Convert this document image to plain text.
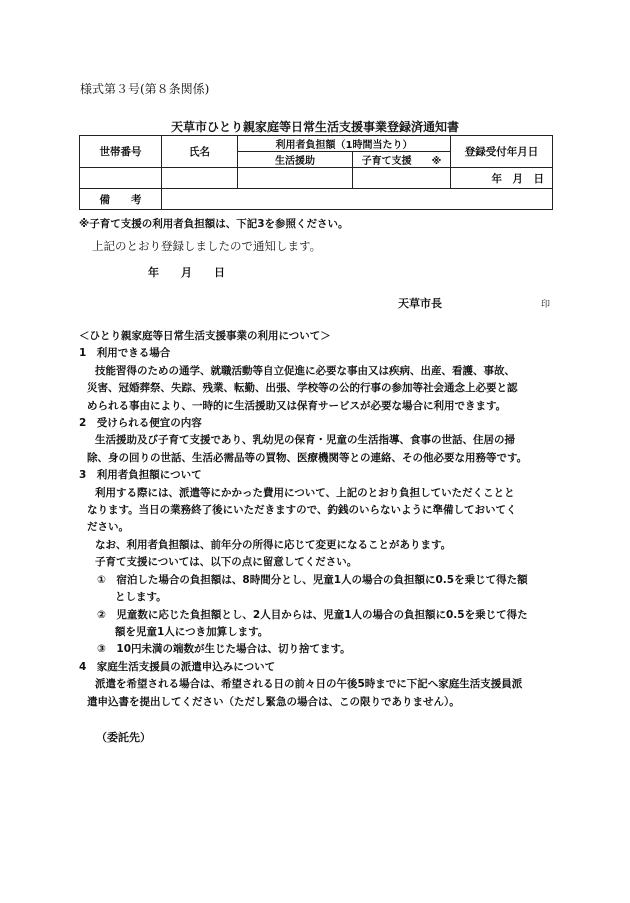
様式第３号(第８条関係)
天草市ひとり親家庭等日常生活支援事業登録済通知書
世帯番号	氏名	利用者負担額（1時間当たり）		登録受付年月日
		生活援助	子育て支援　　※	
				年　月　日
備　　考				
※子育て支援の利用者負担額は、下記3を参照ください。
上記のとおり登録しましたので通知します。
年　　月　　日
天草市長	印

＜ひとり親家庭等日常生活支援事業の利用について＞

1　利用できる場合

技能習得のための通学、就職活動等自立促進に必要な事由又は疾病、出産、看護、事故、

災害、冠婚葬祭、失踪、残業、転勤、出張、学校等の公的行事の参加等社会通念上必要と認

められる事由により、一時的に生活援助又は保育サービスが必要な場合に利用できます。

2　受けられる便宜の内容

生活援助及び子育て支援であり、乳幼児の保育・児童の生活指導、食事の世話、住居の掃

除、身の回りの世話、生活必需品等の買物、医療機関等との連絡、その他必要な用務等です。

3　利用者負担額について

利用する際には、派遣等にかかった費用について、上記のとおり負担していただくことと

なります。当日の業務終了後にいただきますので、釣銭のいらないように準備しておいてく

ださい。

なお、利用者負担額は、前年分の所得に応じて変更になることがあります。

子育て支援については、以下の点に留意してください。

①　宿泊した場合の負担額は、8時間分とし、児童1人の場合の負担額に0.5を乗じて得た額

とします。

②　児童数に応じた負担額とし、2人目からは、児童1人の場合の負担額に0.5を乗じて得た

額を児童1人につき加算します。

③　10円未満の端数が生じた場合は、切り捨てます。

4　家庭生活支援員の派遣申込みについて

派遣を希望される場合は、希望される日の前々日の午後5時までに下記へ家庭生活支援員派

遣申込書を提出してください（ただし緊急の場合は、この限りでありません）。

（委託先）
